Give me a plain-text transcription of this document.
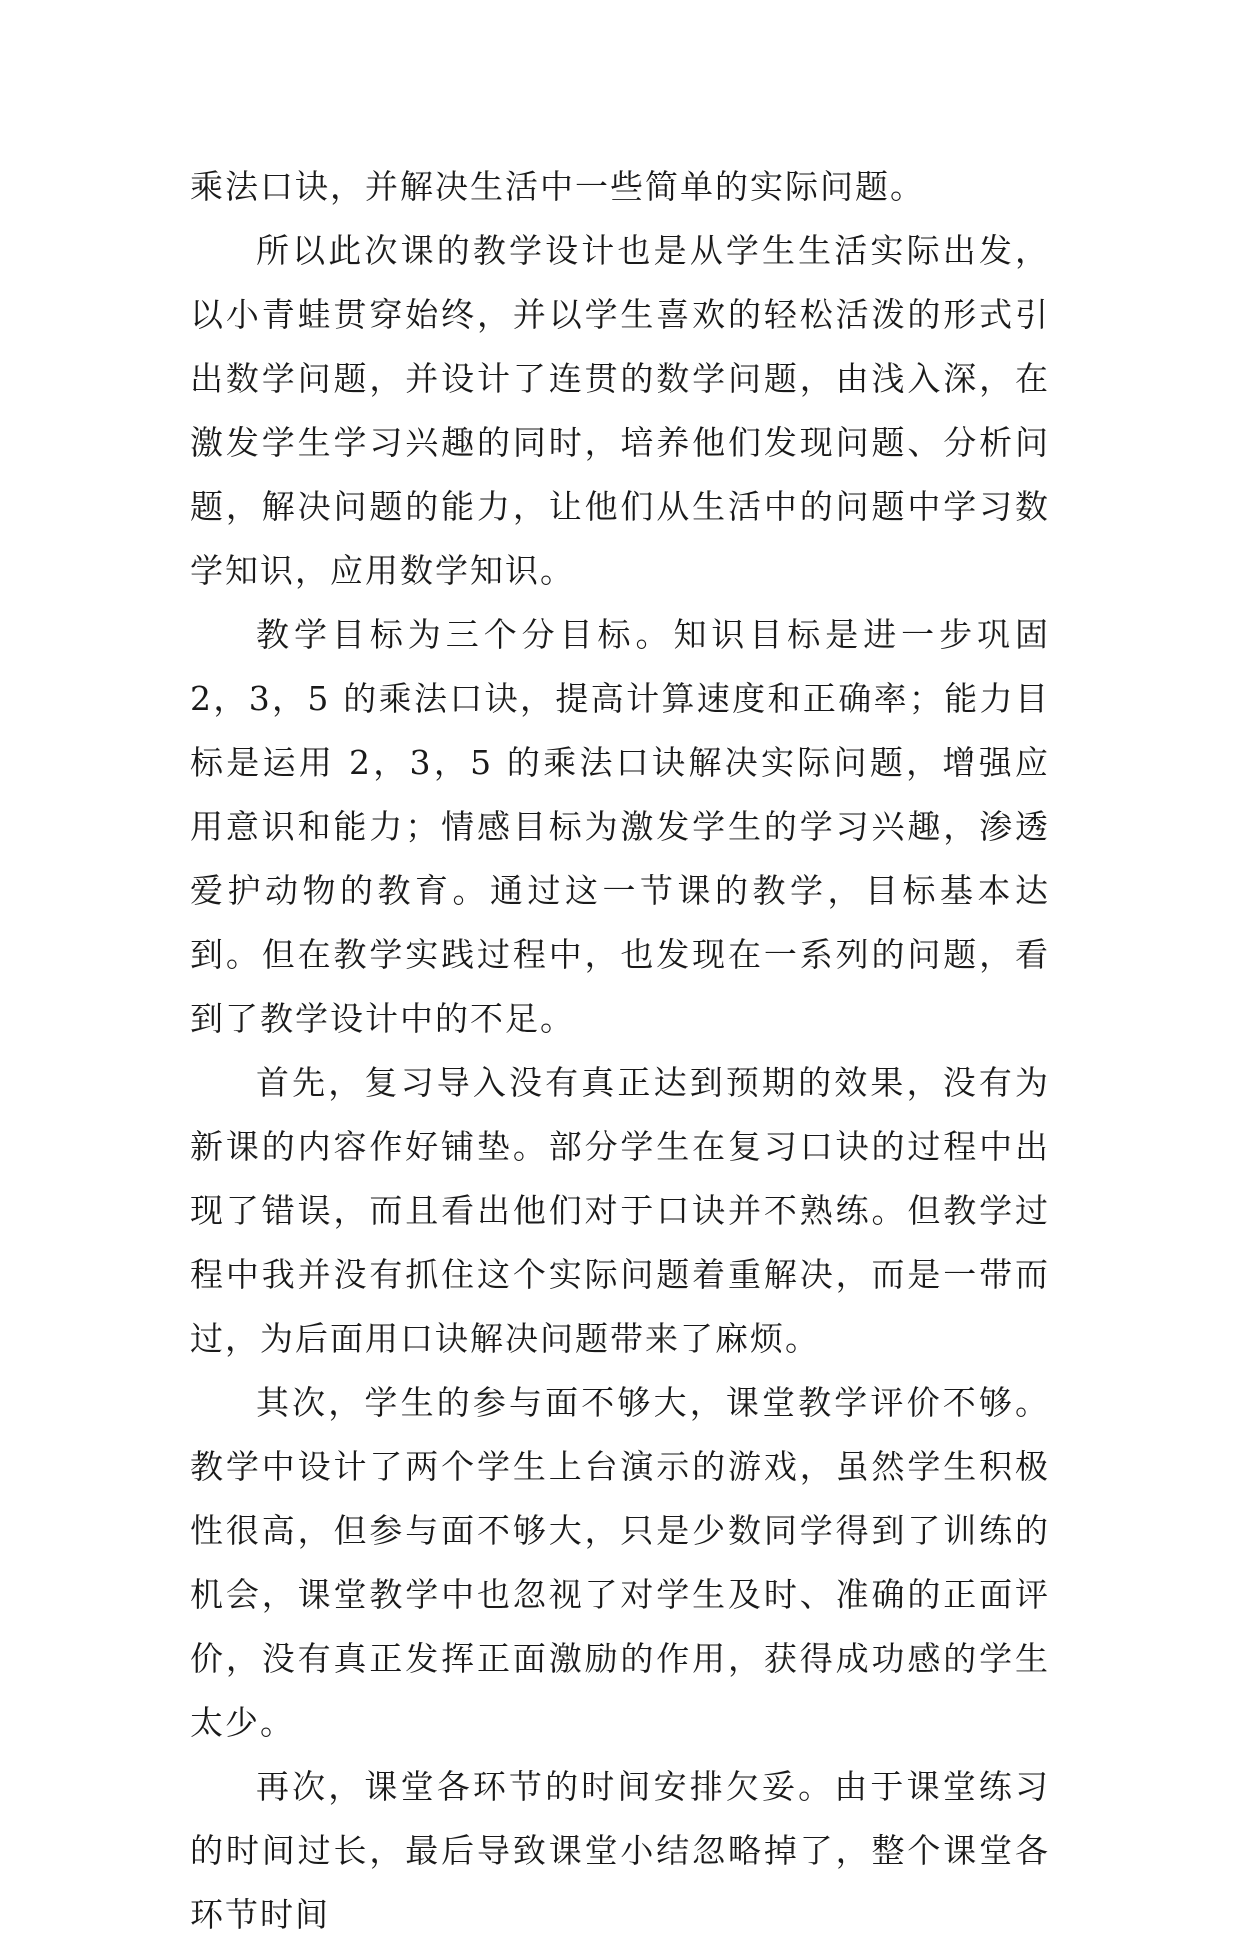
乘法口诀，并解决生活中一些简单的实际问题。

所以此次课的教学设计也是从学生生活实际出发，以小青蛙贯穿始终，并以学生喜欢的轻松活泼的形式引出数学问题，并设计了连贯的数学问题，由浅入深，在激发学生学习兴趣的同时，培养他们发现问题、分析问题，解决问题的能力，让他们从生活中的问题中学习数学知识，应用数学知识。

教学目标为三个分目标。知识目标是进一步巩固 2，3，5 的乘法口诀，提高计算速度和正确率；能力目标是运用 2，3，5 的乘法口诀解决实际问题，增强应用意识和能力；情感目标为激发学生的学习兴趣，渗透爱护动物的教育。通过这一节课的教学，目标基本达到。但在教学实践过程中，也发现在一系列的问题，看到了教学设计中的不足。

首先，复习导入没有真正达到预期的效果，没有为新课的内容作好铺垫。部分学生在复习口诀的过程中出现了错误，而且看出他们对于口诀并不熟练。但教学过程中我并没有抓住这个实际问题着重解决，而是一带而过，为后面用口诀解决问题带来了麻烦。

其次，学生的参与面不够大，课堂教学评价不够。教学中设计了两个学生上台演示的游戏，虽然学生积极性很高，但参与面不够大，只是少数同学得到了训练的机会，课堂教学中也忽视了对学生及时、准确的正面评价，没有真正发挥正面激励的作用，获得成功感的学生太少。

再次，课堂各环节的时间安排欠妥。由于课堂练习的时间过长，最后导致课堂小结忽略掉了，整个课堂各环节时间
